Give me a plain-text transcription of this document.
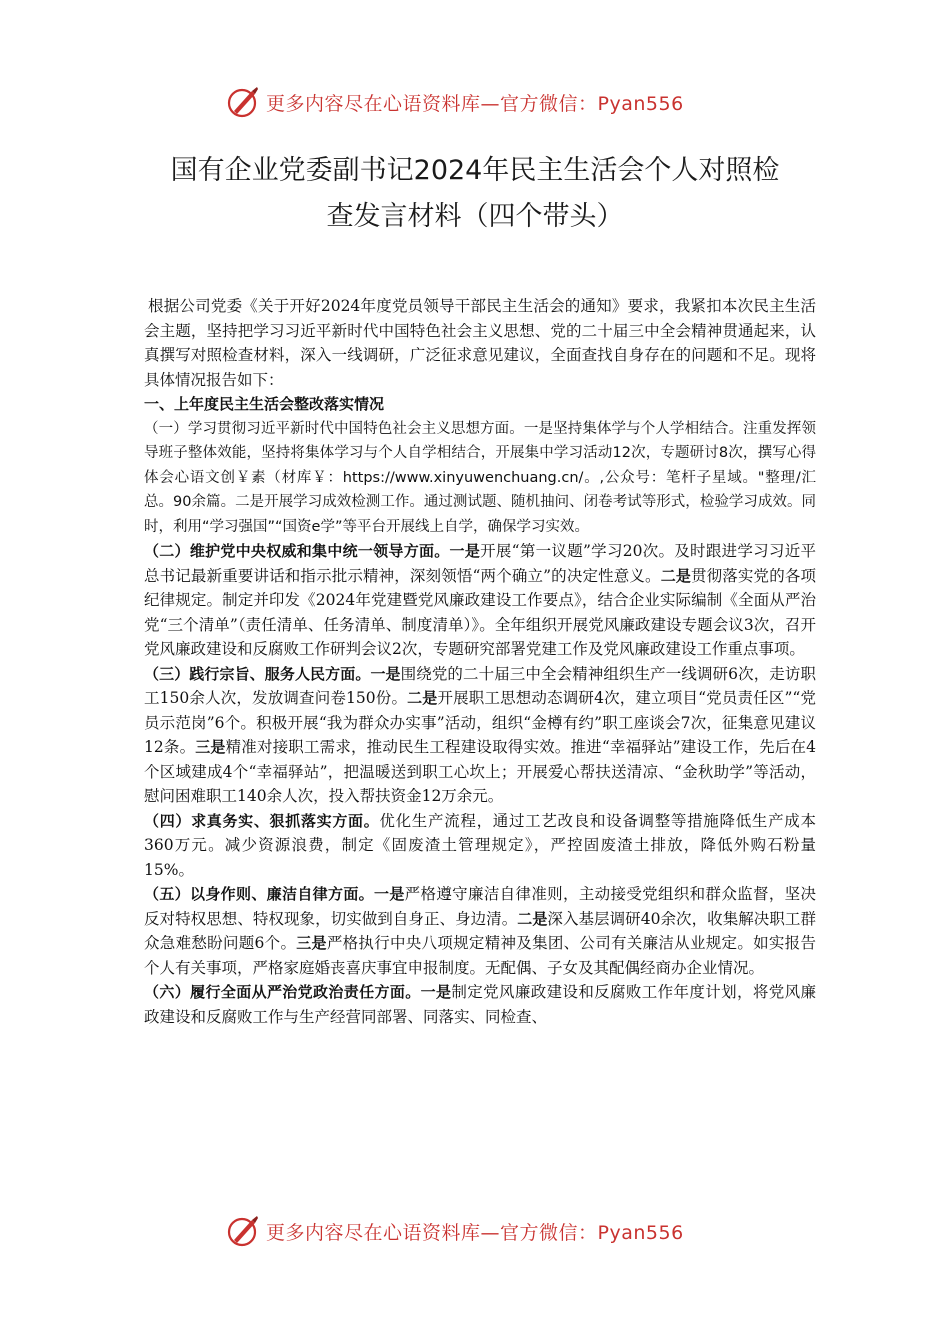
更多内容尽在心语资料库—官方微信：Pyan556
国有企业党委副书记2024年民主生活会个人对照检
查发言材料（四个带头）

根据公司党委《关于开好2024年度党员领导干部民主生活会的通知》要求，我紧扣本次民主生活会主题，坚持把学习习近平新时代中国特色社会主义思想、党的二十届三中全会精神贯通起来，认真撰写对照检查材料，深入一线调研，广泛征求意见建议，全面查找自身存在的问题和不足。现将具体情况报告如下：

一、上年度民主生活会整改落实情况

（一）学习贯彻习近平新时代中国特色社会主义思想方面。一是坚持集体学与个人学相结合。注重发挥领导班子整体效能，坚持将集体学习与个人自学相结合，开展集中学习活动12次，专题研讨8次，撰写心得体会心语文创￥素（材库￥：https://www.xinyuwenchuang.cn/。,公众号：笔杆子星域。"整理/汇总。90余篇。二是开展学习成效检测工作。通过测试题、随机抽问、闭卷考试等形式，检验学习成效。同时，利用“学习强国”“国资e学”等平台开展线上自学，确保学习实效。

（二）维护党中央权威和集中统一领导方面。一是开展“第一议题”学习20次。及时跟进学习习近平总书记最新重要讲话和指示批示精神，深刻领悟“两个确立”的决定性意义。二是贯彻落实党的各项纪律规定。制定并印发《2024年党建暨党风廉政建设工作要点》，结合企业实际编制《全面从严治党“三个清单”（责任清单、任务清单、制度清单）》。全年组织开展党风廉政建设专题会议3次，召开党风廉政建设和反腐败工作研判会议2次，专题研究部署党建工作及党风廉政建设工作重点事项。

（三）践行宗旨、服务人民方面。一是围绕党的二十届三中全会精神组织生产一线调研6次，走访职工150余人次，发放调查问卷150份。二是开展职工思想动态调研4次，建立项目“党员责任区”“党员示范岗”6个。积极开展“我为群众办实事”活动，组织“金樽有约”职工座谈会7次，征集意见建议12条。三是精准对接职工需求，推动民生工程建设取得实效。推进“幸福驿站”建设工作，先后在4个区域建成4个“幸福驿站”，把温暖送到职工心坎上；开展爱心帮扶送清凉、“金秋助学”等活动，慰问困难职工140余人次，投入帮扶资金12万余元。

（四）求真务实、狠抓落实方面。优化生产流程，通过工艺改良和设备调整等措施降低生产成本360万元。减少资源浪费，制定《固废渣土管理规定》，严控固废渣土排放，降低外购石粉量15%。

（五）以身作则、廉洁自律方面。一是严格遵守廉洁自律准则，主动接受党组织和群众监督，坚决反对特权思想、特权现象，切实做到自身正、身边清。二是深入基层调研40余次，收集解决职工群众急难愁盼问题6个。三是严格执行中央八项规定精神及集团、公司有关廉洁从业规定。如实报告个人有关事项，严格家庭婚丧喜庆事宜申报制度。无配偶、子女及其配偶经商办企业情况。

（六）履行全面从严治党政治责任方面。一是制定党风廉政建设和反腐败工作年度计划，将党风廉政建设和反腐败工作与生产经营同部署、同落实、同检查、

更多内容尽在心语资料库—官方微信：Pyan556
